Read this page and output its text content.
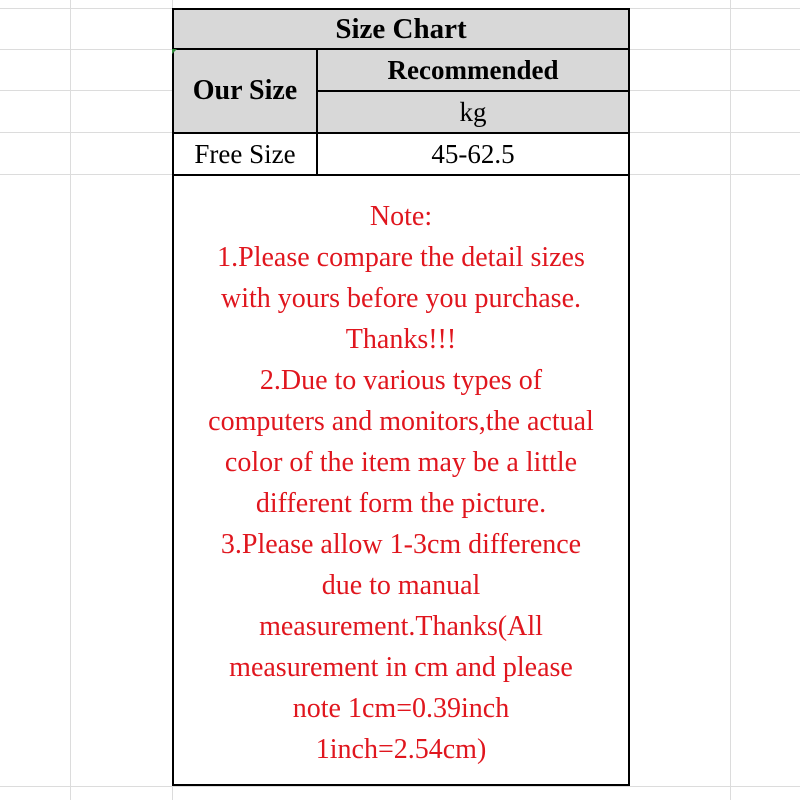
Size Chart
Our Size
Recommended
kg
Free Size	45-62.5
Note:
1.Please compare the detail sizes
with yours before you purchase.
Thanks!!!
2.Due to various types of
computers and monitors,the actual
color of the item may be a little
different form the picture.
3.Please allow 1-3cm difference
due to manual
measurement.Thanks(All
measurement in cm and please
note 1cm=0.39inch
1inch=2.54cm)
